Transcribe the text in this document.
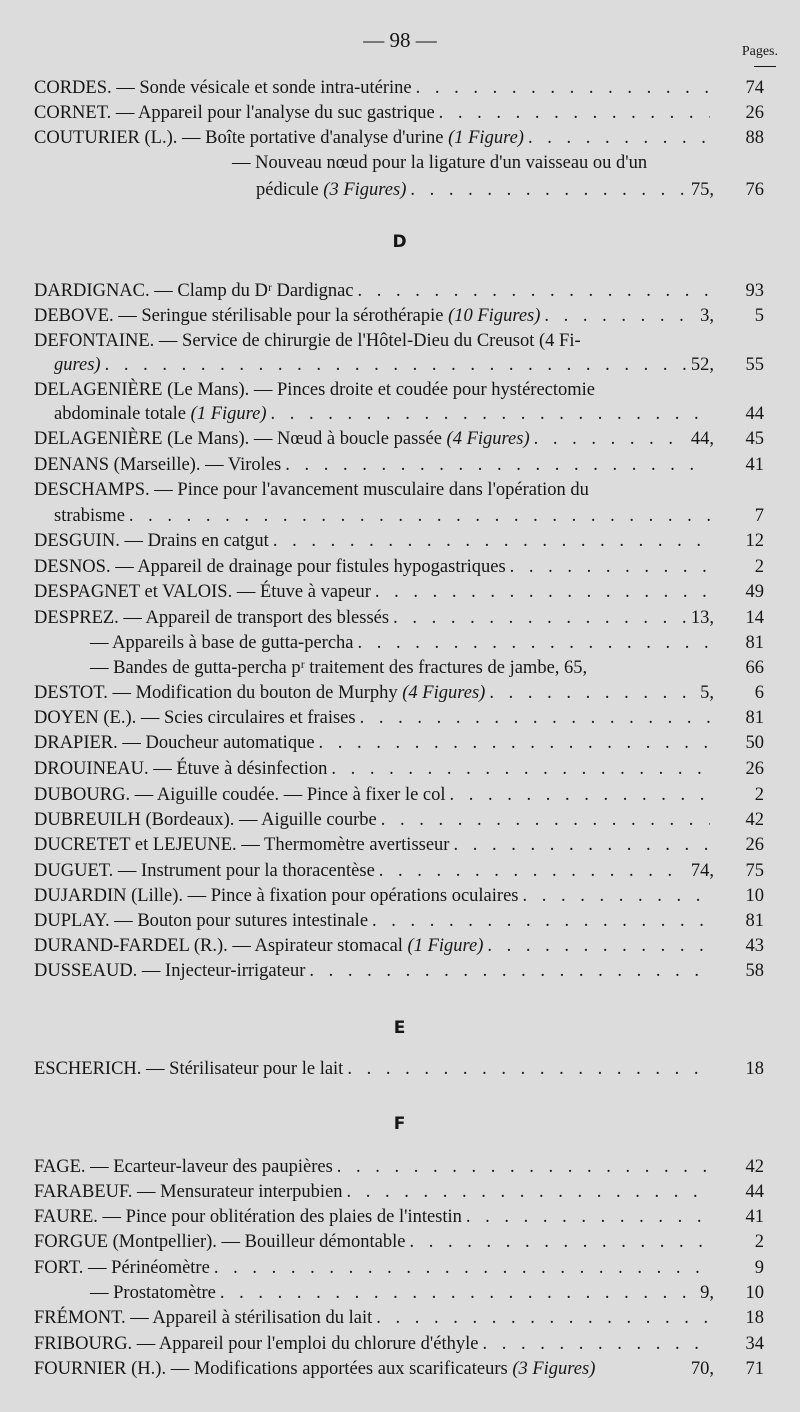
— 98 —	Pages.
D
E
F
CORDES. — Sonde vésicale et sonde intra-utérine . . .	74
CORNET. — Appareil pour l'analyse du suc gastrique . . .	26
COUTURIER (L.). — Boîte portative d'analyse d'urine (1 Figure) . . .	88
— Nouveau nœud pour la ligature d'un vaisseau ou d'un
pédicule (3 Figures) . . .	75,	76
DARDIGNAC. — Clamp du Dʳ Dardignac . . .	93
DEBOVE. — Seringue stérilisable pour la sérothérapie (10 Figures) . . .	3,	5
DEFONTAINE. — Service de chirurgie de l'Hôtel-Dieu du Creusot (4 Fi-
gures) . . .	52,	55
DELAGENIÈRE (Le Mans). — Pinces droite et coudée pour hystérectomie
abdominale totale (1 Figure) . . .	44
DELAGENIÈRE (Le Mans). — Nœud à boucle passée (4 Figures) . . .	44,	45
DENANS (Marseille). — Viroles . . .	41
DESCHAMPS. — Pince pour l'avancement musculaire dans l'opération du
strabisme . . .	7
DESGUIN. — Drains en catgut . . .	12
DESNOS. — Appareil de drainage pour fistules hypogastriques . . .	2
DESPAGNET et VALOIS. — Étuve à vapeur . . .	49
DESPREZ. — Appareil de transport des blessés . . .	13,	14
— Appareils à base de gutta-percha . . .	81
— Bandes de gutta-percha pʳ traitement des fractures de jambe, 65,	66
DESTOT. — Modification du bouton de Murphy (4 Figures) . . .	5,	6
DOYEN (E.). — Scies circulaires et fraises . . .	81
DRAPIER. — Doucheur automatique . . .	50
DROUINEAU. — Étuve à désinfection . . .	26
DUBOURG. — Aiguille coudée. — Pince à fixer le col . . .	2
DUBREUILH (Bordeaux). — Aiguille courbe . . .	42
DUCRETET et LEJEUNE. — Thermomètre avertisseur . . .	26
DUGUET. — Instrument pour la thoracentèse . . .	74,	75
DUJARDIN (Lille). — Pince à fixation pour opérations oculaires . . .	10
DUPLAY. — Bouton pour sutures intestinale . . .	81
DURAND-FARDEL (R.). — Aspirateur stomacal (1 Figure) . . .	43
DUSSEAUD. — Injecteur-irrigateur . . .	58
ESCHERICH. — Stérilisateur pour le lait . . .	18
FAGE. — Ecarteur-laveur des paupières . . .	42
FARABEUF. — Mensurateur interpubien . . .	44
FAURE. — Pince pour oblitération des plaies de l'intestin . . .	41
FORGUE (Montpellier). — Bouilleur démontable . . .	2
FORT. — Périnéomètre . . .	9
— Prostatomètre . . .	9,	10
FRÉMONT. — Appareil à stérilisation du lait . . .	18
FRIBOURG. — Appareil pour l'emploi du chlorure d'éthyle . . .	34
FOURNIER (H.). — Modifications apportées aux scarificateurs (3 Figures)	70,	71
